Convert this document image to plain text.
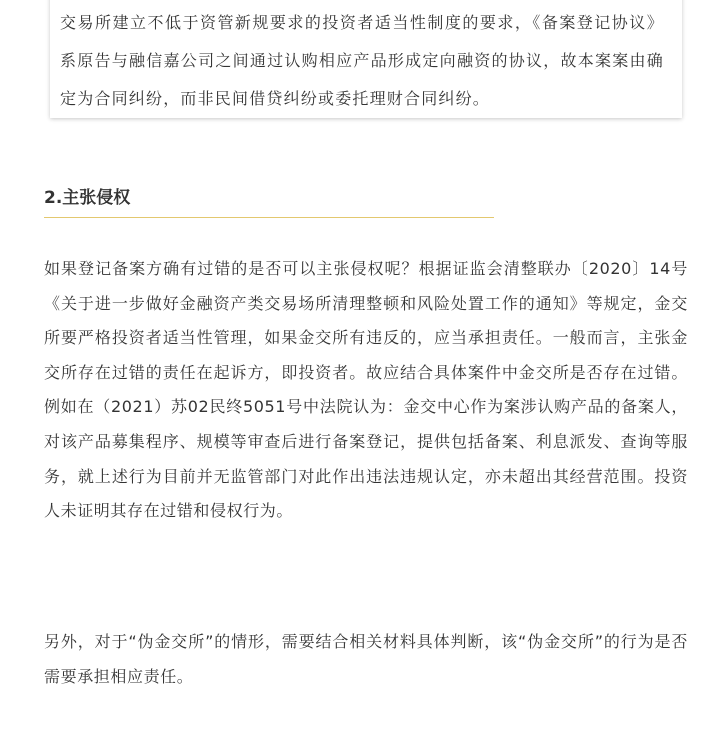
交易所建立不低于资管新规要求的投资者适当性制度的要求，《备案登记协议》系原告与融信嘉公司之间通过认购相应产品形成定向融资的协议，故本案案由确定为合同纠纷，而非民间借贷纠纷或委托理财合同纠纷。

2.主张侵权

如果登记备案方确有过错的是否可以主张侵权呢？根据证监会清整联办〔2020〕14号《关于进一步做好金融资产类交易场所清理整顿和风险处置工作的通知》等规定，金交所要严格投资者适当性管理，如果金交所有违反的，应当承担责任。一般而言，主张金交所存在过错的责任在起诉方，即投资者。故应结合具体案件中金交所是否存在过错。例如在（2021）苏02民终5051号中法院认为：金交中心作为案涉认购产品的备案人，对该产品募集程序、规模等审查后进行备案登记，提供包括备案、利息派发、查询等服务，就上述行为目前并无监管部门对此作出违法违规认定，亦未超出其经营范围。投资人未证明其存在过错和侵权行为。

另外，对于“伪金交所”的情形，需要结合相关材料具体判断，该“伪金交所”的行为是否需要承担相应责任。
